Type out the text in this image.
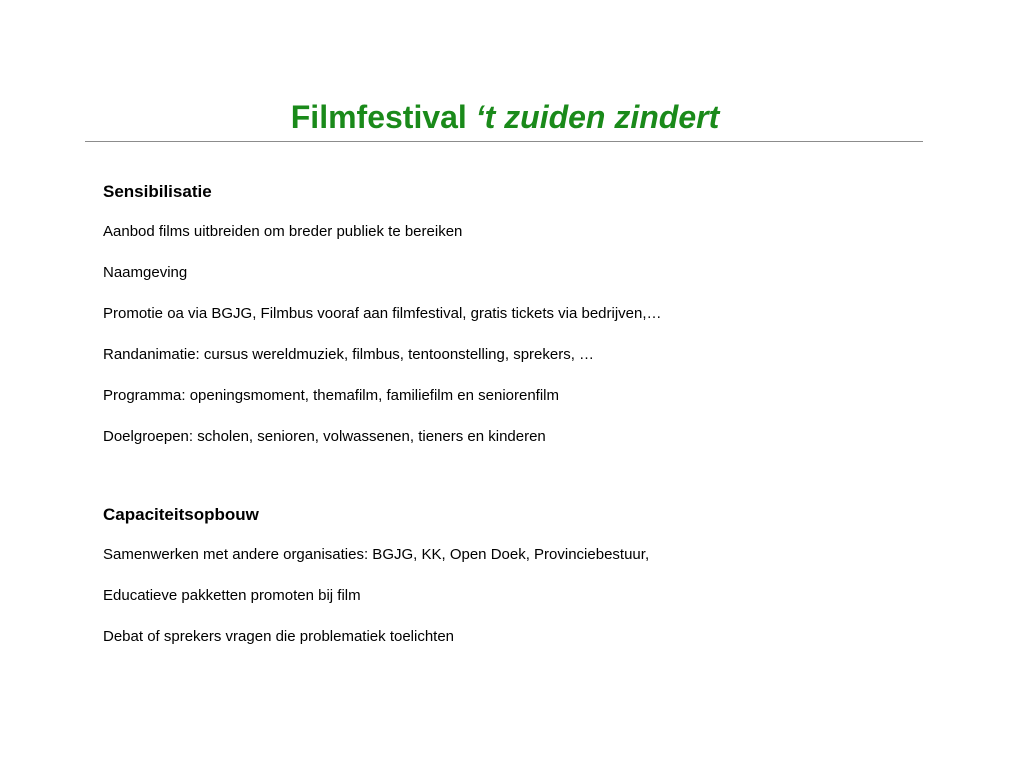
Filmfestival ‘t zuiden zindert
Sensibilisatie
Aanbod films uitbreiden om breder publiek te bereiken
Naamgeving
Promotie oa via BGJG, Filmbus vooraf aan filmfestival, gratis tickets via bedrijven,…
Randanimatie: cursus wereldmuziek, filmbus, tentoonstelling, sprekers, …
Programma: openingsmoment, themafilm, familiefilm en seniorenfilm
Doelgroepen: scholen, senioren, volwassenen, tieners en kinderen
Capaciteitsopbouw
Samenwerken met andere organisaties: BGJG, KK, Open Doek, Provinciebestuur,
Educatieve pakketten promoten bij film
Debat of sprekers vragen die problematiek toelichten
